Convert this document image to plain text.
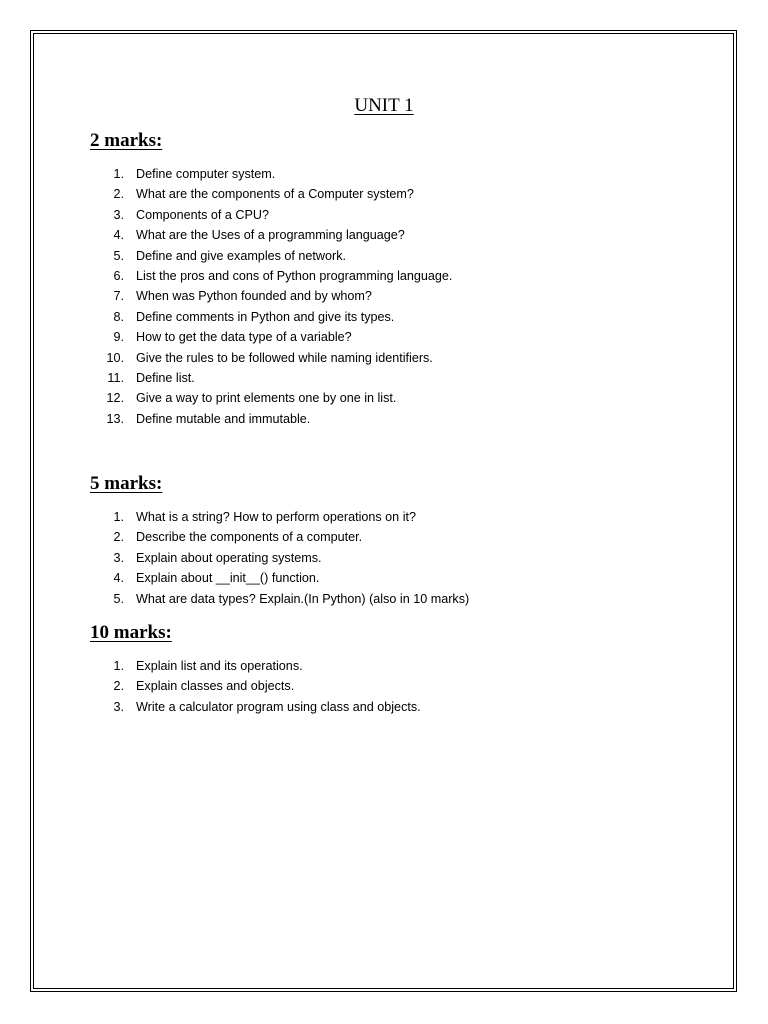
UNIT 1
2 marks:
1. Define computer system.
2. What are the components of a Computer system?
3. Components of a CPU?
4. What are the Uses of a programming language?
5. Define and give examples of network.
6. List the pros and cons of Python programming language.
7. When was Python founded and by whom?
8. Define comments in Python and give its types.
9. How to get the data type of a variable?
10. Give the rules to be followed while naming identifiers.
11. Define list.
12. Give a way to print elements one by one in list.
13. Define mutable and immutable.
5 marks:
1. What is a string? How to perform operations on it?
2. Describe the components of a computer.
3. Explain about operating systems.
4. Explain about __init__() function.
5. What are data types? Explain.(In Python) (also in 10 marks)
10 marks:
1. Explain list and its operations.
2. Explain classes and objects.
3. Write a calculator program using class and objects.
